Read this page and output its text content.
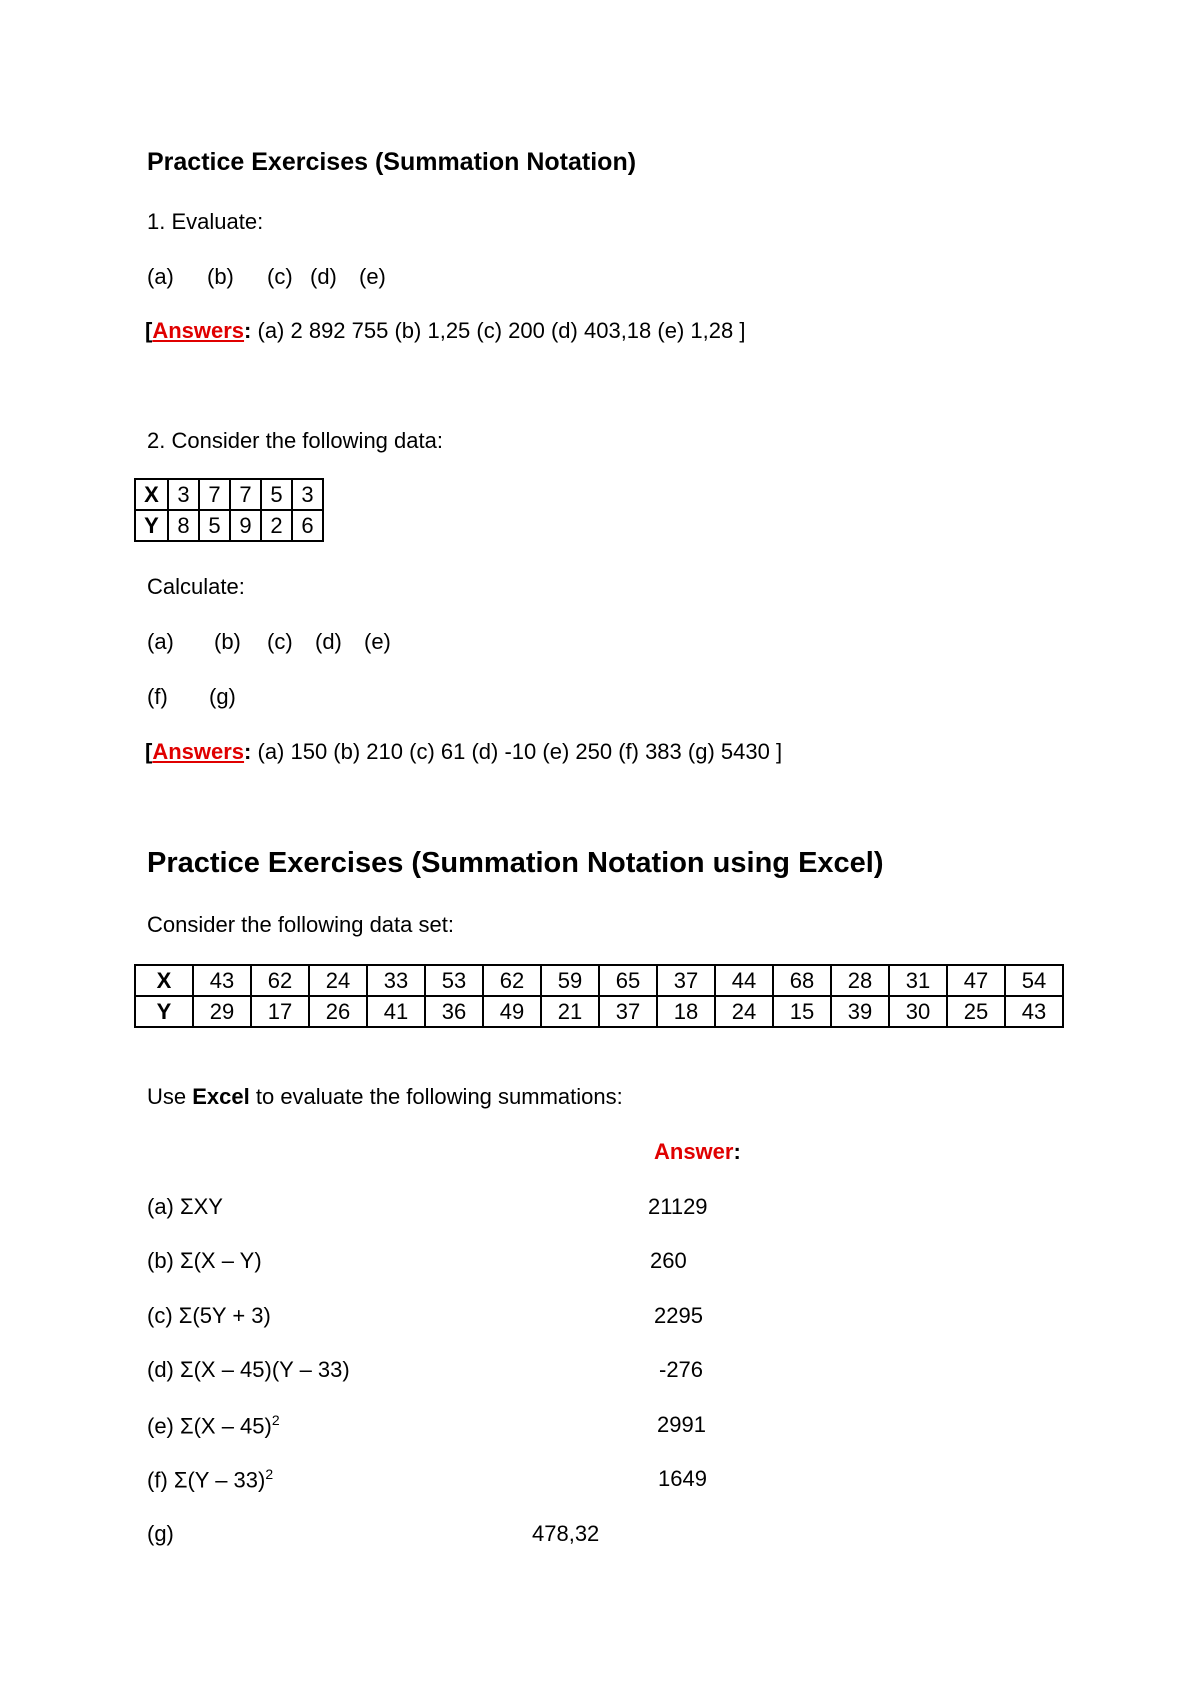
Practice Exercises (Summation Notation)
1. Evaluate:
(a) (b) (c) (d) (e)
[Answers: (a) 2 892 755 (b) 1,25 (c) 200 (d) 403,18 (e) 1,28 ]
2. Consider the following data:
X	3	7	7	5	3
Y	8	5	9	2	6
Calculate:
(a) (b) (c) (d) (e)
(f) (g)
[Answers: (a) 150 (b) 210 (c) 61 (d) -10 (e) 250 (f) 383 (g) 5430 ]
Practice Exercises (Summation Notation using Excel)
Consider the following data set:
X	43	62	24	33	53	62	59	65	37	44	68	28	31	47	54
Y	29	17	26	41	36	49	21	37	18	24	15	39	30	25	43
Use Excel to evaluate the following summations:
Answer:
(a) ΣXY	21129
(b) Σ(X – Y)	260
(c) Σ(5Y + 3)	2295
(d) Σ(X – 45)(Y – 33)	-276
(e) Σ(X – 45)$^2$	2991
(f) Σ(Y – 33)$^2$	1649
(g)	478,32
